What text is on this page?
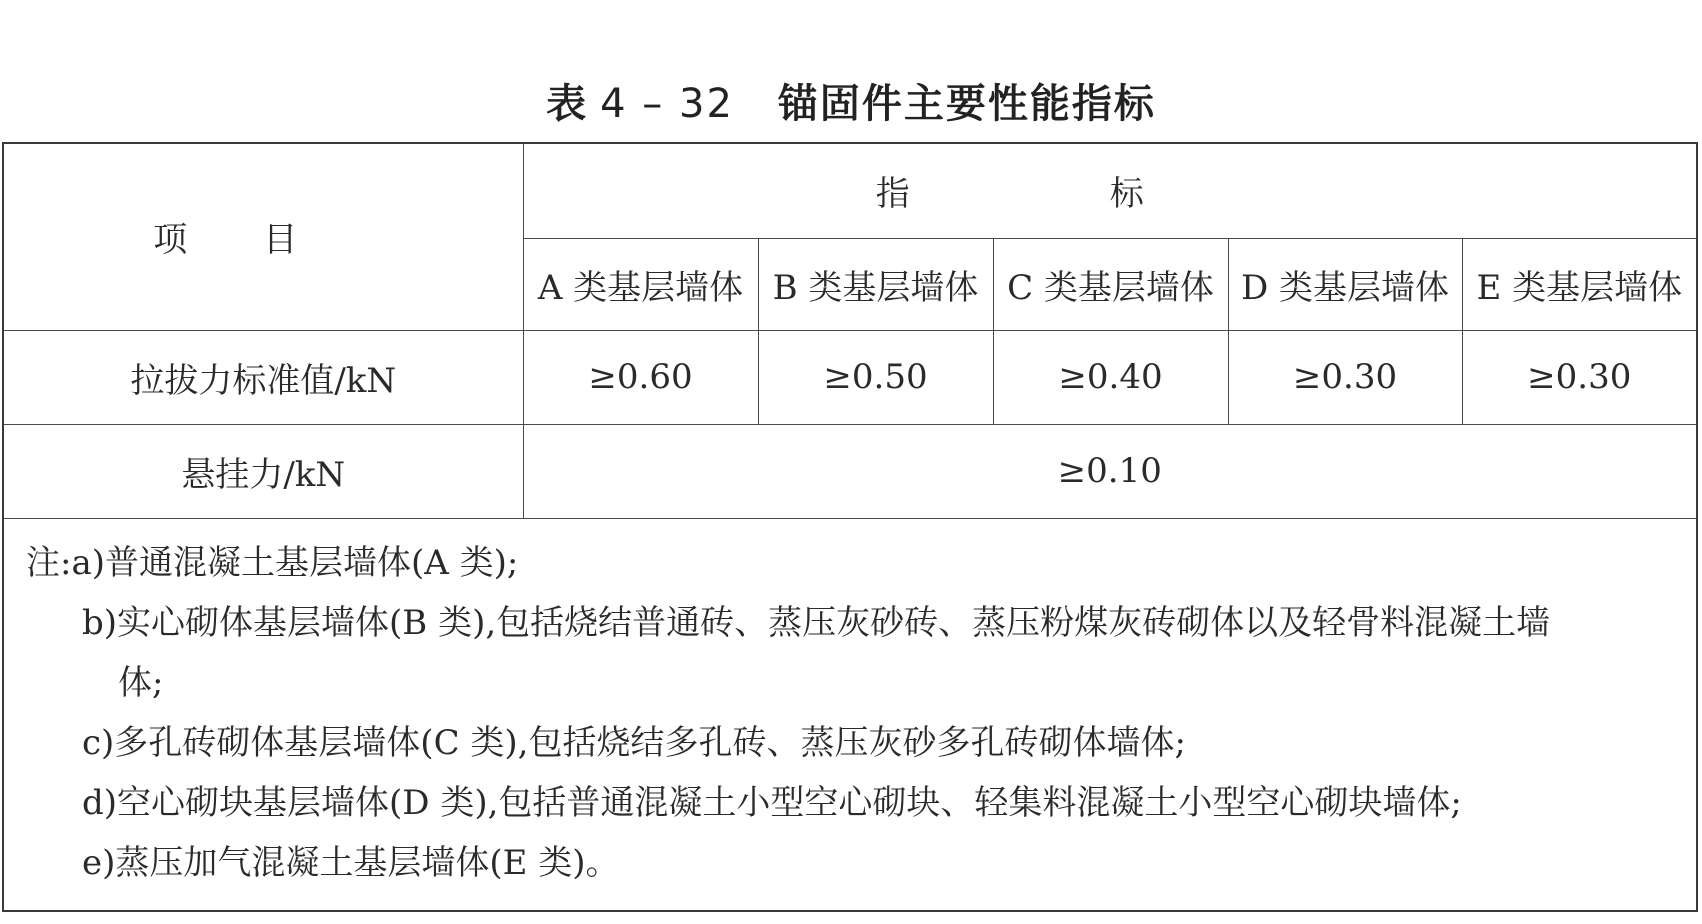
表 4 – 32 锚固件主要性能指标
项目	指标				
	A 类基层墙体	B 类基层墙体	C 类基层墙体	D 类基层墙体	E 类基层墙体
拉拔力标准值/kN	≥0.60	≥0.50	≥0.40	≥0.30	≥0.30
悬挂力/kN	≥0.10				
注:a)普通混凝土基层墙体(A 类);
b)实心砌体基层墙体(B 类),包括烧结普通砖、蒸压灰砂砖、蒸压粉煤灰砖砌体以及轻骨料混凝土墙
体;
c)多孔砖砌体基层墙体(C 类),包括烧结多孔砖、蒸压灰砂多孔砖砌体墙体;
d)空心砌块基层墙体(D 类),包括普通混凝土小型空心砌块、轻集料混凝土小型空心砌块墙体;
e)蒸压加气混凝土基层墙体(E 类)。
